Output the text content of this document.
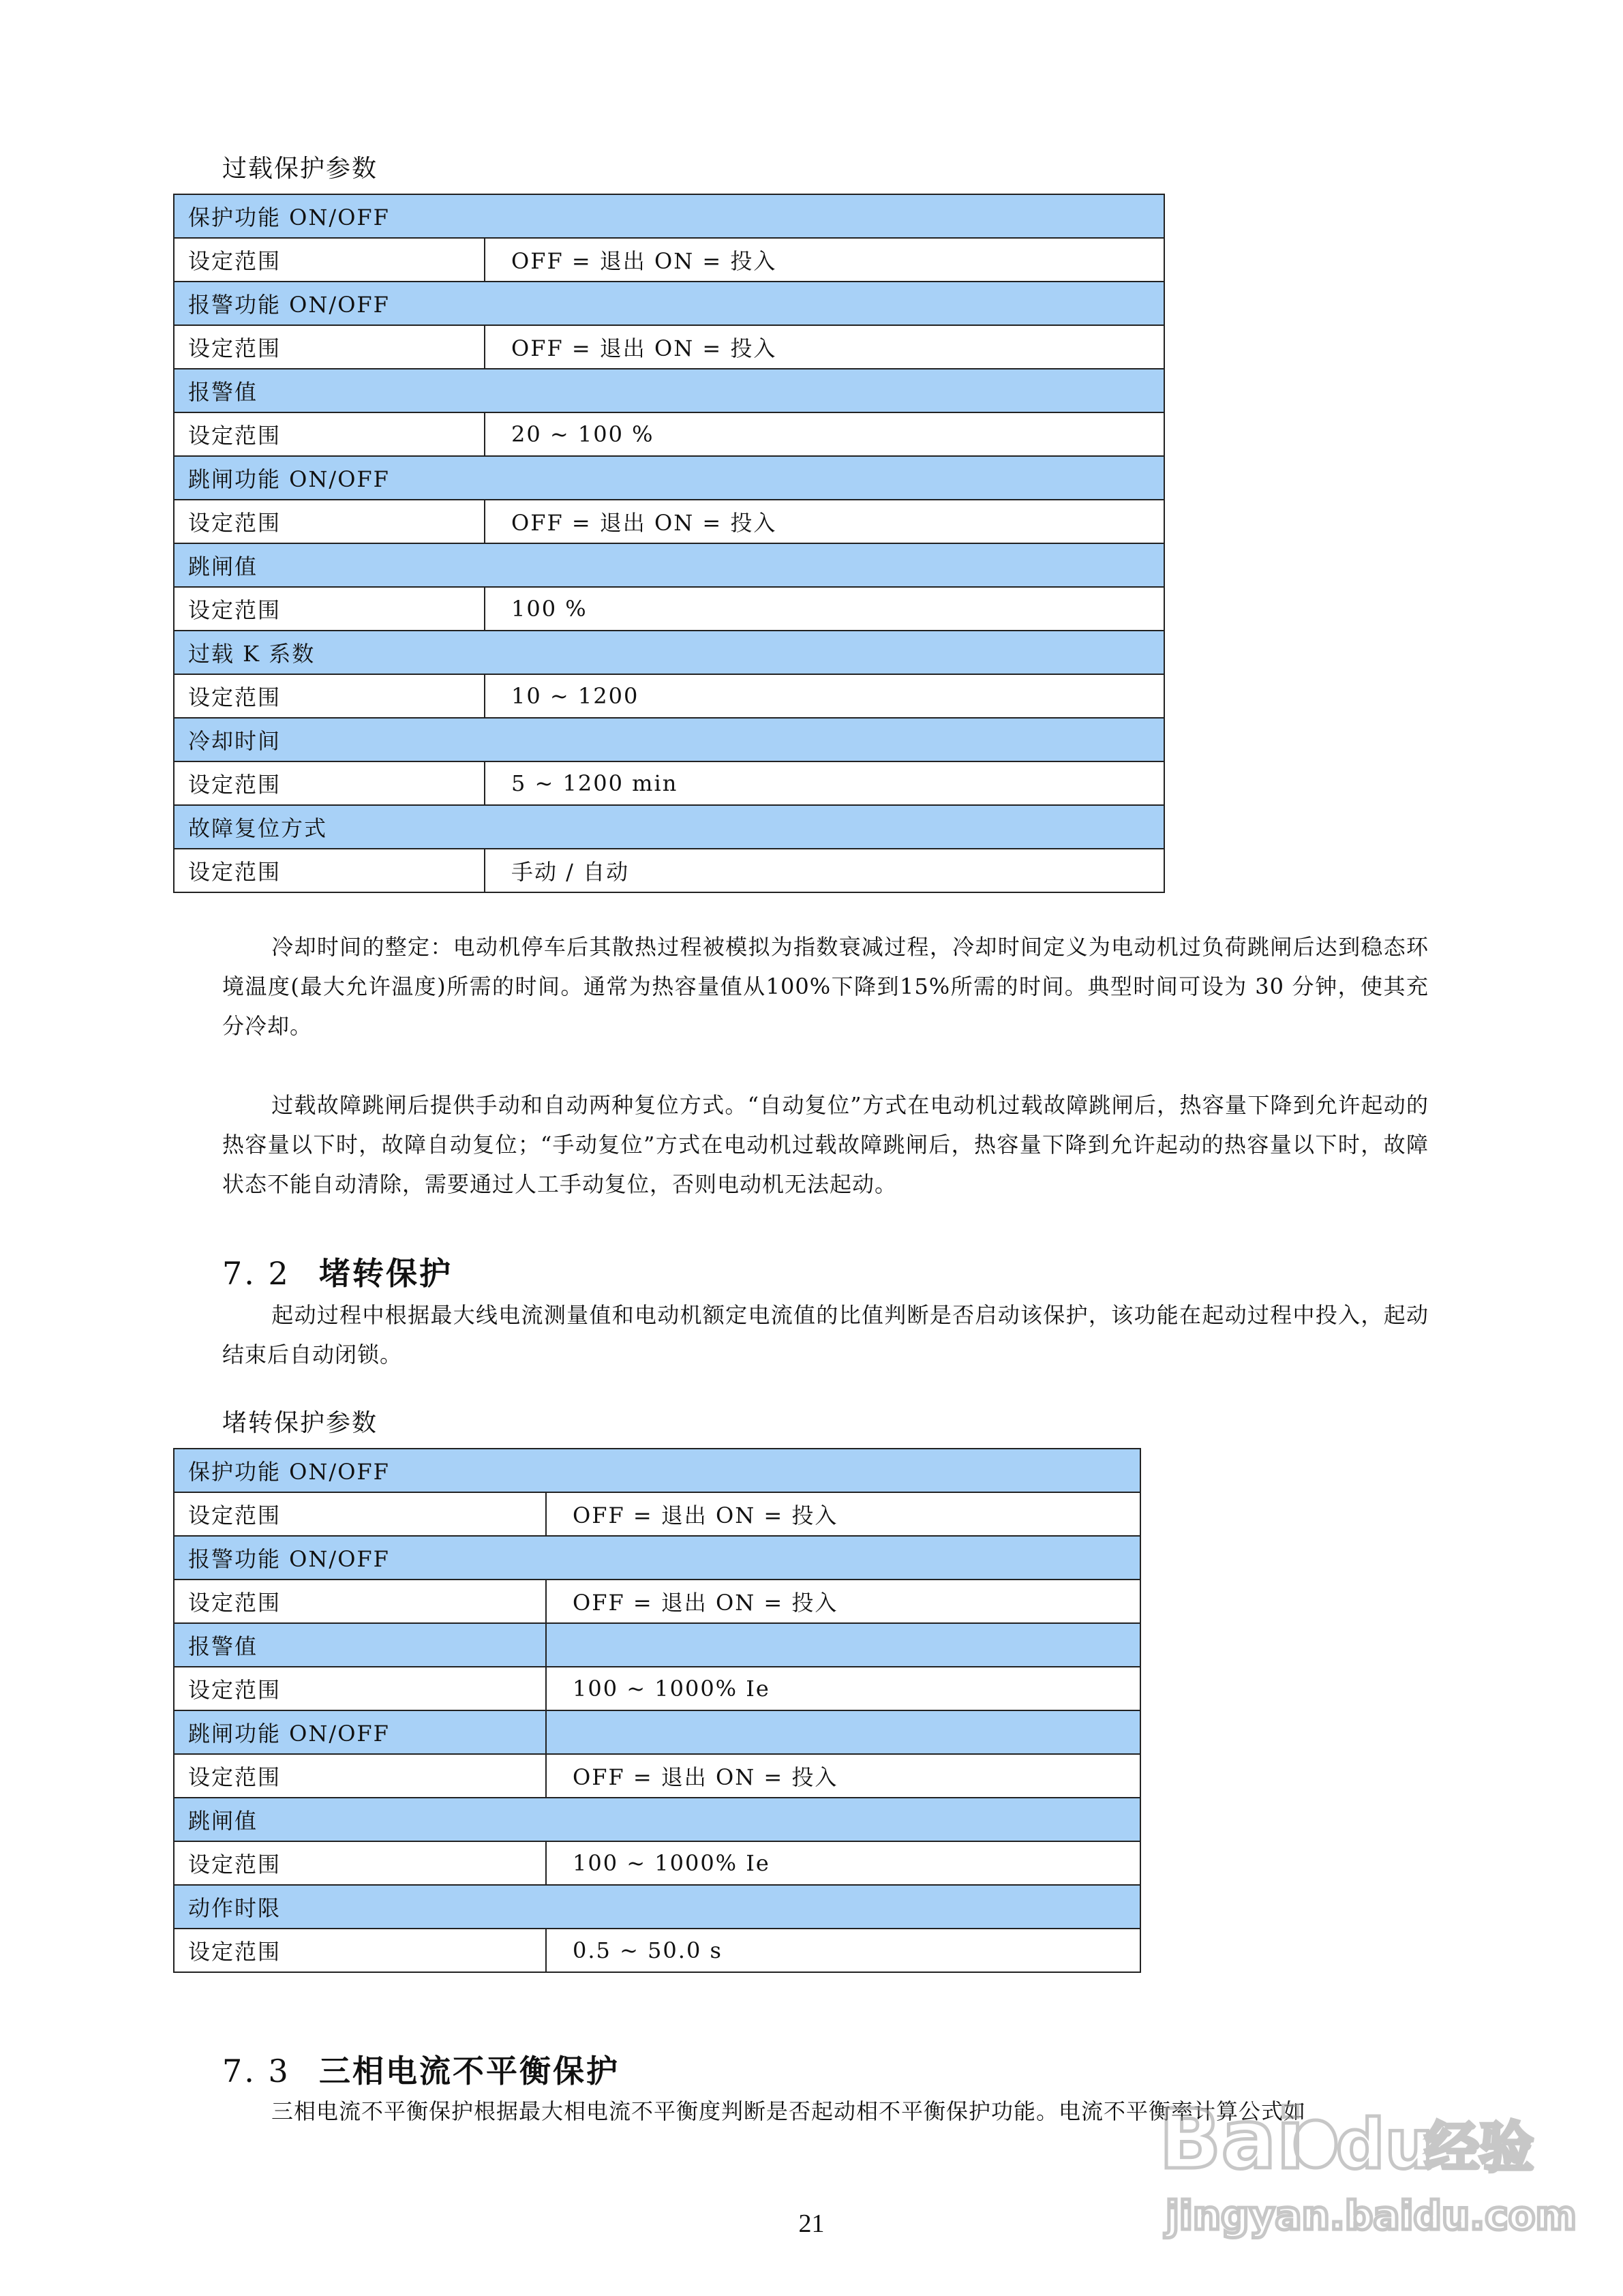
过载保护参数
保护功能 ON/OFF	
设定范围	OFF = 退出 ON = 投入
报警功能 ON/OFF	
设定范围	OFF = 退出 ON = 投入
报警值	
设定范围	20 ~ 100 %
跳闸功能 ON/OFF	
设定范围	OFF = 退出 ON = 投入
跳闸值	
设定范围	100 %
过载 K 系数	
设定范围	10 ~ 1200
冷却时间	
设定范围	5 ~ 1200 min
故障复位方式	
设定范围	手动 / 自动

冷却时间的整定：电动机停车后其散热过程被模拟为指数衰减过程，冷却时间定义为电动机过负荷跳闸后达到稳态环境温度(最大允许温度)所需的时间。通常为热容量值从100%下降到15%所需的时间。典型时间可设为 30 分钟，使其充分冷却。

过载故障跳闸后提供手动和自动两种复位方式。“自动复位”方式在电动机过载故障跳闸后，热容量下降到允许起动的热容量以下时，故障自动复位；“手动复位”方式在电动机过载故障跳闸后，热容量下降到允许起动的热容量以下时，故障状态不能自动清除，需要通过人工手动复位，否则电动机无法起动。

7. 2 堵转保护

起动过程中根据最大线电流测量值和电动机额定电流值的比值判断是否启动该保护，该功能在起动过程中投入，起动结束后自动闭锁。

堵转保护参数
保护功能 ON/OFF	
设定范围	OFF = 退出 ON = 投入
报警功能 ON/OFF	
设定范围	OFF = 退出 ON = 投入
报警值	
设定范围	100 ~ 1000% Ie
跳闸功能 ON/OFF	
设定范围	OFF = 退出 ON = 投入
跳闸值	
设定范围	100 ~ 1000% Ie
动作时限	
设定范围	0.5 ~ 50.0 s
7. 3 三相电流不平衡保护

三相电流不平衡保护根据最大相电流不平衡度判断是否起动相不平衡保护功能。电流不平衡率计算公式如

21
Bai du
经验
jingyan.baidu.com
